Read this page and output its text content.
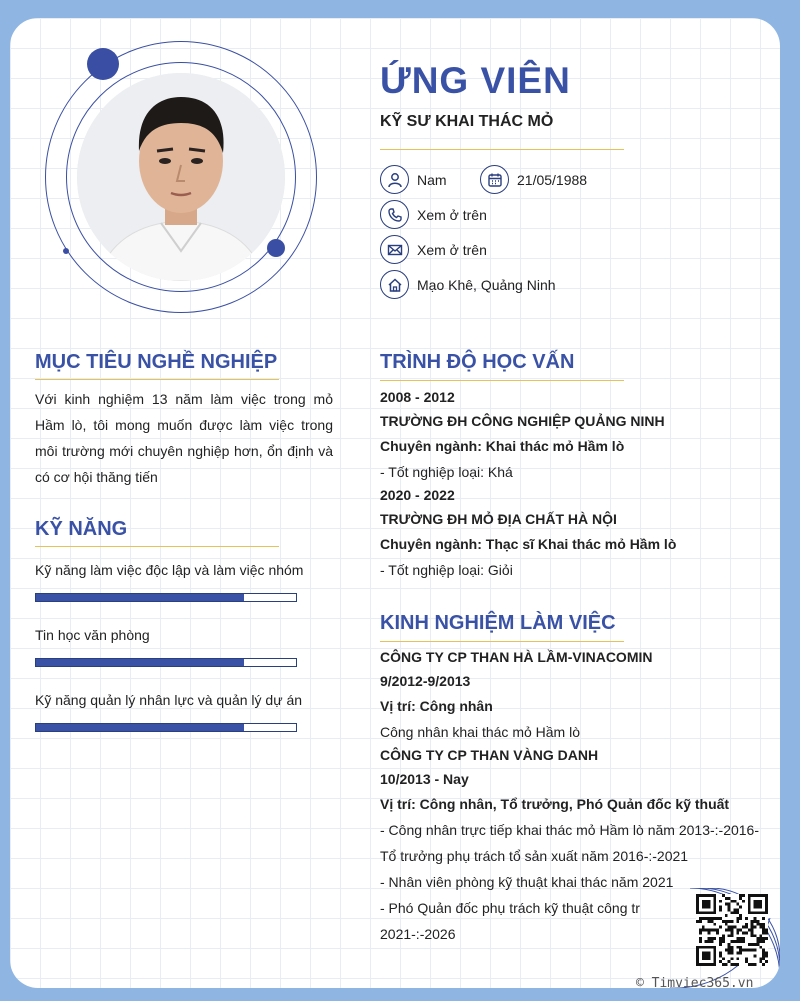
ỨNG VIÊN
KỸ SƯ KHAI THÁC MỎ
Nam	21/05/1988
Xem ở trên
Xem ở trên
Mạo Khê, Quảng Ninh
MỤC TIÊU NGHỀ NGHIỆP
Với kinh nghiệm 13 năm làm việc trong mỏ
Hầm lò, tôi mong muốn được làm việc trong
môi trường mới chuyên nghiệp hơn, ổn định và
có cơ hội thăng tiến
KỸ NĂNG
Kỹ năng làm việc độc lập và làm việc nhóm
Tin học văn phòng
Kỹ năng quản lý nhân lực và quản lý dự án
TRÌNH ĐỘ HỌC VẤN
2008 - 2012
TRƯỜNG ĐH CÔNG NGHIỆP QUẢNG NINH
Chuyên ngành: Khai thác mỏ Hầm lò
- Tốt nghiệp loại: Khá
2020 - 2022
TRƯỜNG ĐH MỎ ĐỊA CHẤT HÀ NỘI
Chuyên ngành: Thạc sĩ Khai thác mỏ Hầm lò
- Tốt nghiệp loại: Giỏi
KINH NGHIỆM LÀM VIỆC
CÔNG TY CP THAN HÀ LẦM-VINACOMIN
9/2012-9/2013
Vị trí: Công nhân
Công nhân khai thác mỏ Hầm lò
CÔNG TY CP THAN VÀNG DANH
10/2013 - Nay
Vị trí: Công nhân, Tổ trưởng, Phó Quản đốc kỹ thuất
- Công nhân trực tiếp khai thác mỏ Hầm lò năm 2013-:-2016-
Tổ trưởng phụ trách tổ sản xuất năm 2016-:-2021
- Nhân viên phòng kỹ thuật khai thác năm 2021
- Phó Quản đốc phụ trách kỹ thuật công tr
2021-:-2026
© Timviec365.vn
